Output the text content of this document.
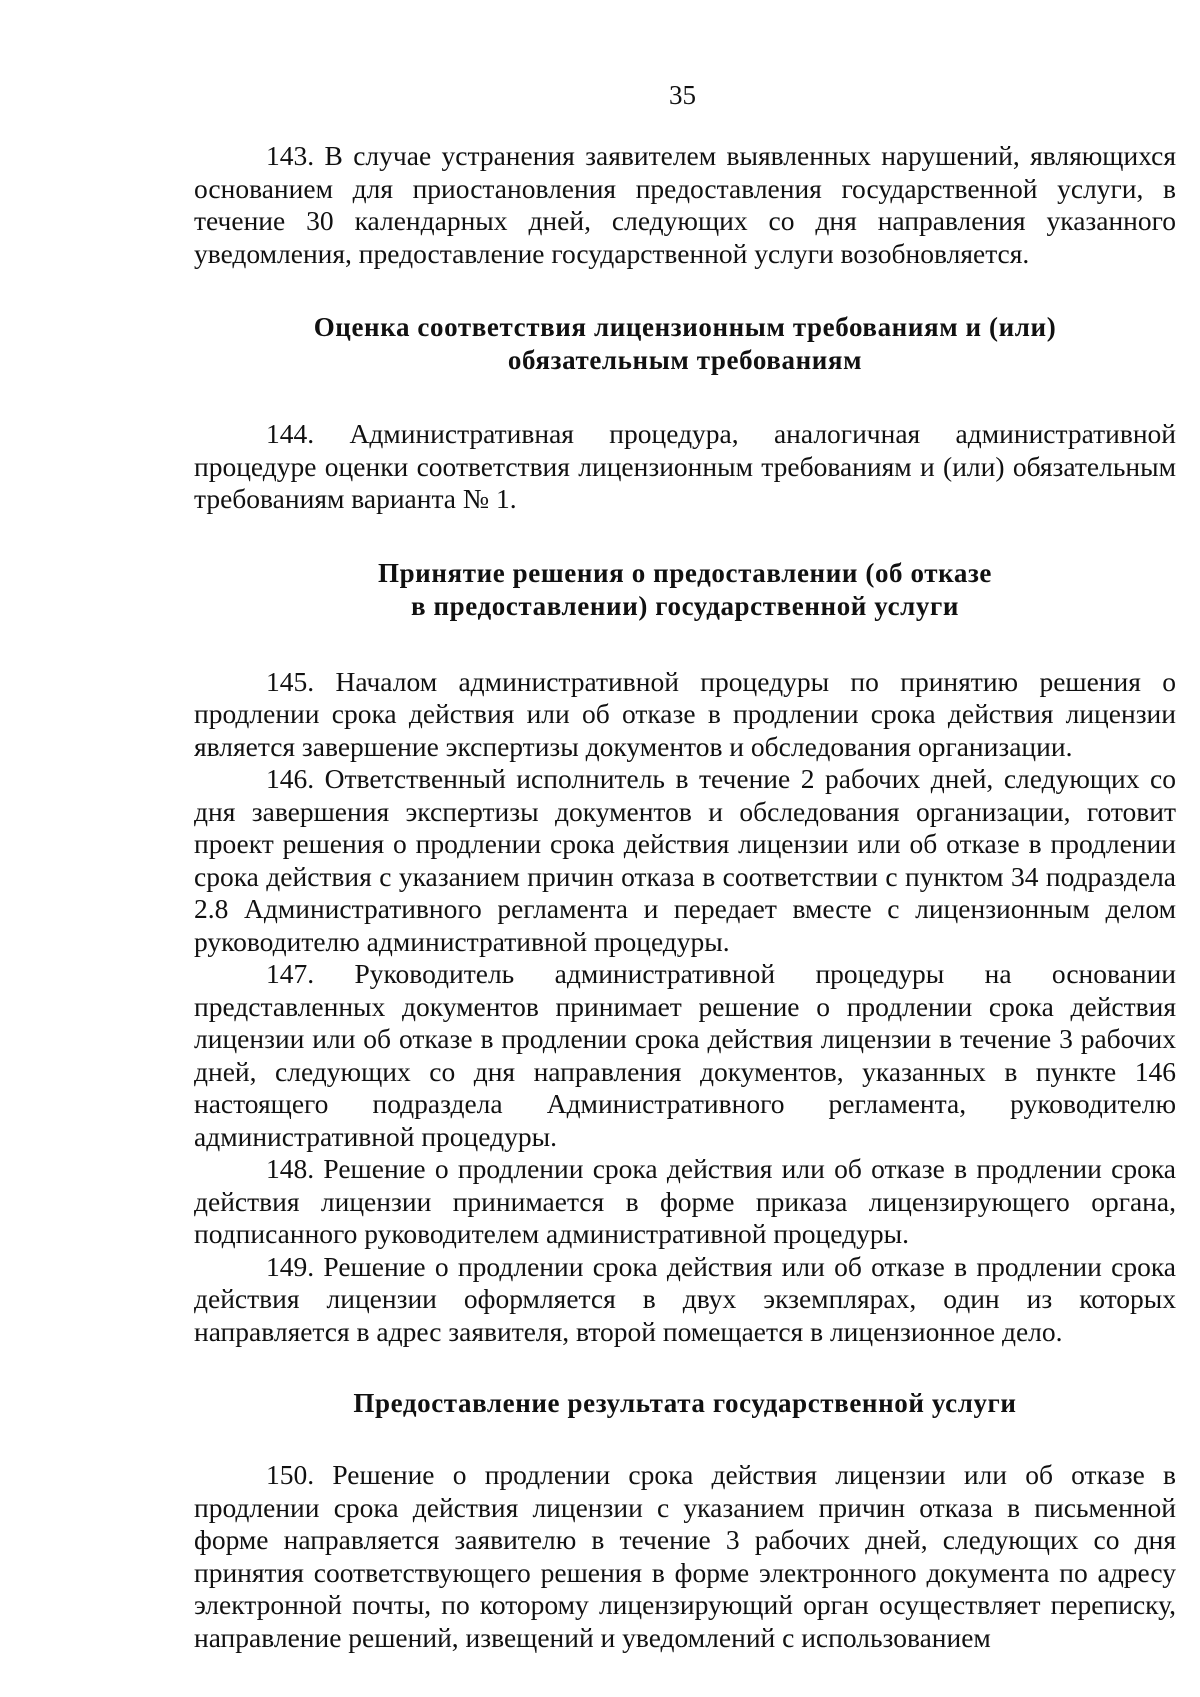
35

143. В случае устранения заявителем выявленных нарушений, являющихся основанием для приостановления предоставления государственной услуги, в течение 30 календарных дней, следующих со дня направления указанного уведомления, предоставление государственной услуги возобновляется.

Оценка соответствия лицензионным требованиям и (или)
обязательным требованиям

144. Административная процедура, аналогичная административной процедуре оценки соответствия лицензионным требованиям и (или) обязательным требованиям варианта № 1.

Принятие решения о предоставлении (об отказе
в предоставлении) государственной услуги

145. Началом административной процедуры по принятию решения о продлении срока действия или об отказе в продлении срока действия лицензии является завершение экспертизы документов и обследования организации.

146. Ответственный исполнитель в течение 2 рабочих дней, следующих со дня завершения экспертизы документов и обследования организации, готовит проект решения о продлении срока действия лицензии или об отказе в продлении срока действия с указанием причин отказа в соответствии с пунктом 34 подраздела 2.8 Административного регламента и передает вместе с лицензионным делом руководителю административной процедуры.

147. Руководитель административной процедуры на основании представленных документов принимает решение о продлении срока действия лицензии или об отказе в продлении срока действия лицензии в течение 3 рабочих дней, следующих со дня направления документов, указанных в пункте 146 настоящего подраздела Административного регламента, руководителю административной процедуры.

148. Решение о продлении срока действия или об отказе в продлении срока действия лицензии принимается в форме приказа лицензирующего органа, подписанного руководителем административной процедуры.

149. Решение о продлении срока действия или об отказе в продлении срока действия лицензии оформляется в двух экземплярах, один из которых направляется в адрес заявителя, второй помещается в лицензионное дело.

Предоставление результата государственной услуги

150. Решение о продлении срока действия лицензии или об отказе в продлении срока действия лицензии с указанием причин отказа в письменной форме направляется заявителю в течение 3 рабочих дней, следующих со дня принятия соответствующего решения в форме электронного документа по адресу электронной почты, по которому лицензирующий орган осуществляет переписку, направление решений, извещений и уведомлений с использованием
